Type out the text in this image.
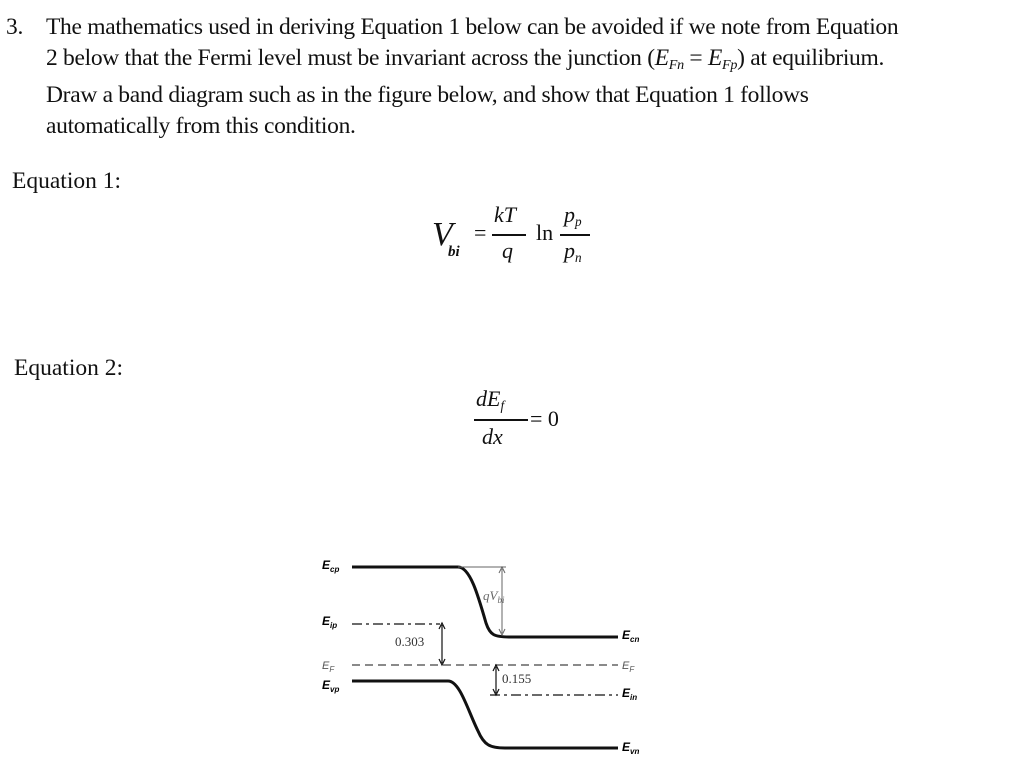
3. The mathematics used in deriving Equation 1 below can be avoided if we note from Equation
2 below that the Fermi level must be invariant across the junction $(E_{Fn} = E_{Fp})$ at equilibrium.
Draw a band diagram such as in the figure below, and show that Equation 1 follows
automatically from this condition.
Equation 1:
V
bi
=
kT
q
ln
$p_p$
$p_n$
Equation 2:
$dE_f$
dx
= 0
$E_{cp}$
$E_{ip}$
$E_F$
$E_{vp}$
$E_{cn}$
$E_F$
$E_{in}$
$E_{vn}$
$qV_{bi}$
0.303
0.155
